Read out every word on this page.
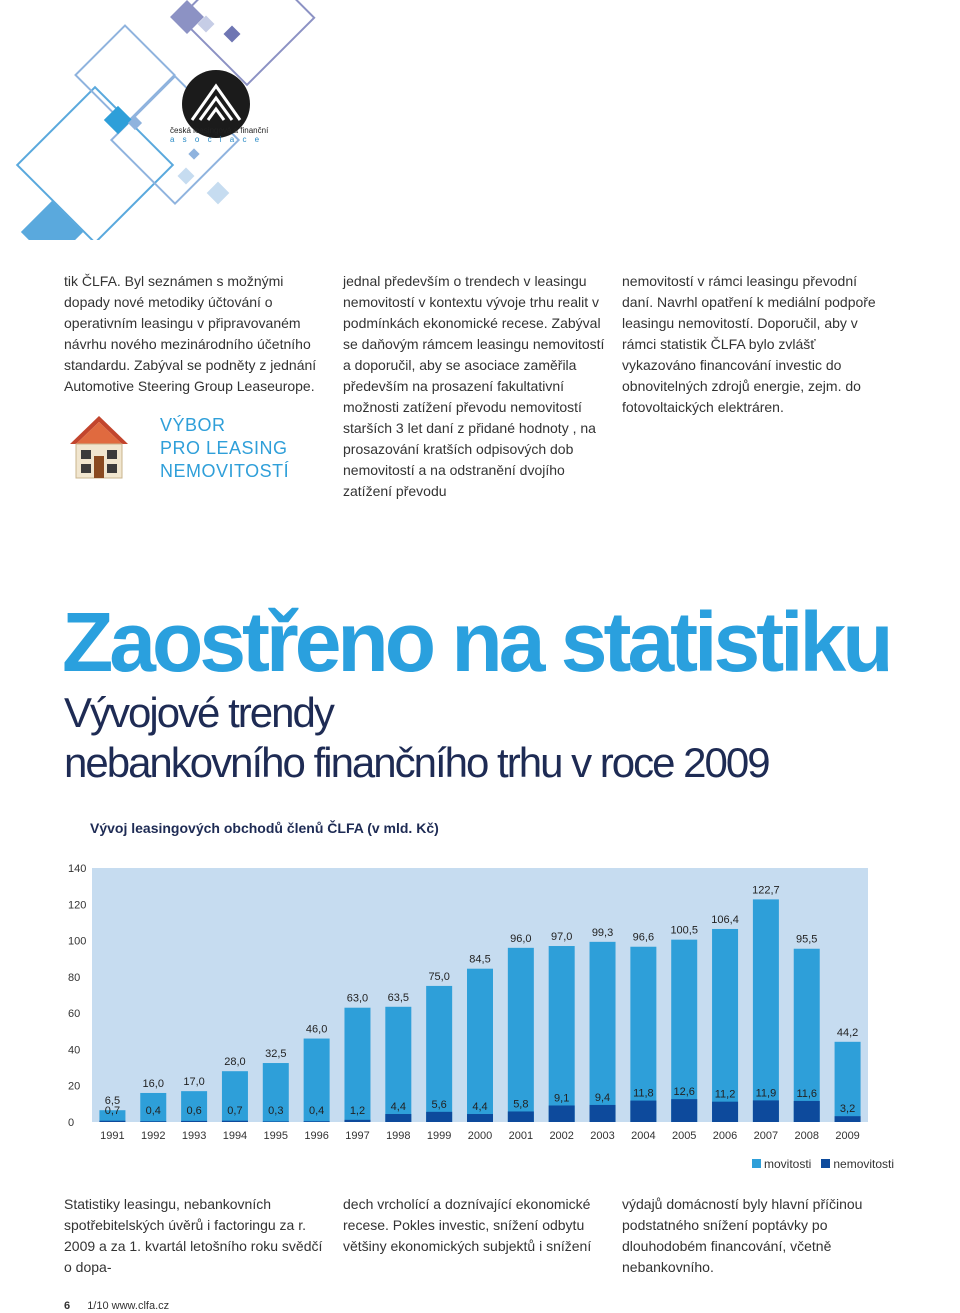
česká leasingová a finanční
a s o c i a c e

tik ČLFA. Byl seznámen s možnými dopady nové metodiky účtování o operativním leasingu v připravovaném návrhu nového mezinárodního účetního standardu. Zabýval se podněty z jednání Automotive Steering Group Leaseurope.

jednal především o trendech v leasingu nemovitostí v kontextu vývoje trhu realit v podmínkách ekonomické recese. Zabýval se daňovým rámcem leasingu nemovitostí a doporučil, aby se asociace zaměřila především na prosazení fakultativní možnosti zatížení převodu nemovitostí starších 3 let daní z přidané hodnoty , na prosazování kratších odpisových dob nemovitostí a na odstranění dvojího zatížení převodu

nemovitostí v rámci leasingu převodní daní. Navrhl opatření k mediální podpoře leasingu nemovitostí. Doporučil, aby v rámci statistik ČLFA bylo zvlášť vykazováno financování investic do obnovitelných zdrojů energie, zejm. do fotovoltaických elektráren.

VÝBOR
PRO LEASING
NEMOVITOSTÍ
Zaostřeno na statistiku
Vývojové trendy
nebankovního finančního trhu v roce 2009
Vývoj leasingových obchodů členů ČLFA (v mld. Kč)
0
20
40
60
80
100
120
140
6,5
0,7
1991
16,0
0,4
1992
17,0
0,6
1993
28,0
0,7
1994
32,5
0,3
1995
46,0
0,4
1996
63,0
1,2
1997
63,5
4,4
1998
75,0
5,6
1999
84,5
4,4
2000
96,0
5,8
2001
97,0
9,1
2002
99,3
9,4
2003
96,6
11,8
2004
100,5
12,6
2005
106,4
11,2
2006
122,7
11,9
2007
95,5
11,6
2008
44,2
3,2
2009
movitosti nemovitosti
Statistiky leasingu, nebankovních spotřebitelských úvěrů i factoringu za r. 2009 a za 1. kvartál letošního roku svědčí o dopa-
dech vrcholící a doznívající ekonomické recese. Pokles investic, snížení odbytu většiny ekonomických subjektů i snížení
výdajů domácností byly hlavní příčinou podstatného snížení poptávky po dlouhodobém financování, včetně nebankovního.
6 1/10 www.clfa.cz
